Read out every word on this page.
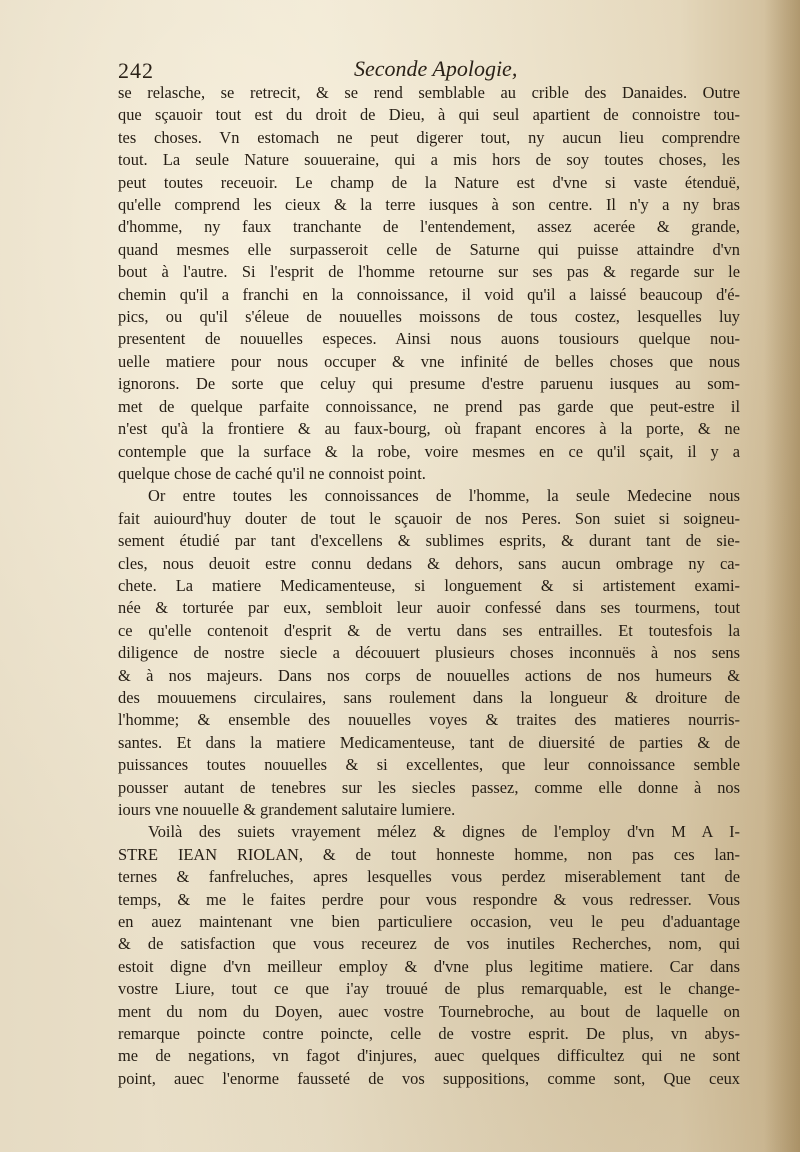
242	Seconde Apologie,

se relasche, se retrecit, & se rend semblable au crible des Danaides. Outre
que sçauoir tout est du droit de Dieu, à qui seul apartient de connoistre tou-
tes choses. Vn estomach ne peut digerer tout, ny aucun lieu comprendre
tout. La seule Nature souueraine, qui a mis hors de soy toutes choses, les
peut toutes receuoir. Le champ de la Nature est d'vne si vaste étenduë,
qu'elle comprend les cieux & la terre iusques à son centre. Il n'y a ny bras
d'homme, ny faux tranchante de l'entendement, assez acerée & grande,
quand mesmes elle surpasseroit celle de Saturne qui puisse attaindre d'vn
bout à l'autre. Si l'esprit de l'homme retourne sur ses pas & regarde sur le
chemin qu'il a franchi en la connoissance, il void qu'il a laissé beaucoup d'é-
pics, ou qu'il s'éleue de nouuelles moissons de tous costez, lesquelles luy
presentent de nouuelles especes. Ainsi nous auons tousiours quelque nou-
uelle matiere pour nous occuper & vne infinité de belles choses que nous
ignorons. De sorte que celuy qui presume d'estre paruenu iusques au som-
met de quelque parfaite connoissance, ne prend pas garde que peut-estre il
n'est qu'à la frontiere & au faux-bourg, où frapant encores à la porte, & ne
contemple que la surface & la robe, voire mesmes en ce qu'il sçait, il y a
quelque chose de caché qu'il ne connoist point.

Or entre toutes les connoissances de l'homme, la seule Medecine nous
fait auiourd'huy douter de tout le sçauoir de nos Peres. Son suiet si soigneu-
sement étudié par tant d'excellens & sublimes esprits, & durant tant de sie-
cles, nous deuoit estre connu dedans & dehors, sans aucun ombrage ny ca-
chete. La matiere Medicamenteuse, si longuement & si artistement exami-
née & torturée par eux, sembloit leur auoir confessé dans ses tourmens, tout
ce qu'elle contenoit d'esprit & de vertu dans ses entrailles. Et toutesfois la
diligence de nostre siecle a découuert plusieurs choses inconnuës à nos sens
& à nos majeurs. Dans nos corps de nouuelles actions de nos humeurs &
des mouuemens circulaires, sans roulement dans la longueur & droiture de
l'homme; & ensemble des nouuelles voyes & traites des matieres nourris-
santes. Et dans la matiere Medicamenteuse, tant de diuersité de parties & de
puissances toutes nouuelles & si excellentes, que leur connoissance semble
pousser autant de tenebres sur les siecles passez, comme elle donne à nos
iours vne nouuelle & grandement salutaire lumiere.

Voilà des suiets vrayement mélez & dignes de l'employ d'vn M A I-
STRE IEAN RIOLAN, & de tout honneste homme, non pas ces lan-
ternes & fanfreluches, apres lesquelles vous perdez miserablement tant de
temps, & me le faites perdre pour vous respondre & vous redresser. Vous
en auez maintenant vne bien particuliere occasion, veu le peu d'aduantage
& de satisfaction que vous receurez de vos inutiles Recherches, nom, qui
estoit digne d'vn meilleur employ & d'vne plus legitime matiere. Car dans
vostre Liure, tout ce que i'ay trouué de plus remarquable, est le change-
ment du nom du Doyen, auec vostre Tournebroche, au bout de laquelle on
remarque poincte contre poincte, celle de vostre esprit. De plus, vn abys-
me de negations, vn fagot d'injures, auec quelques difficultez qui ne sont
point, auec l'enorme fausseté de vos suppositions, comme sont, Que ceux
